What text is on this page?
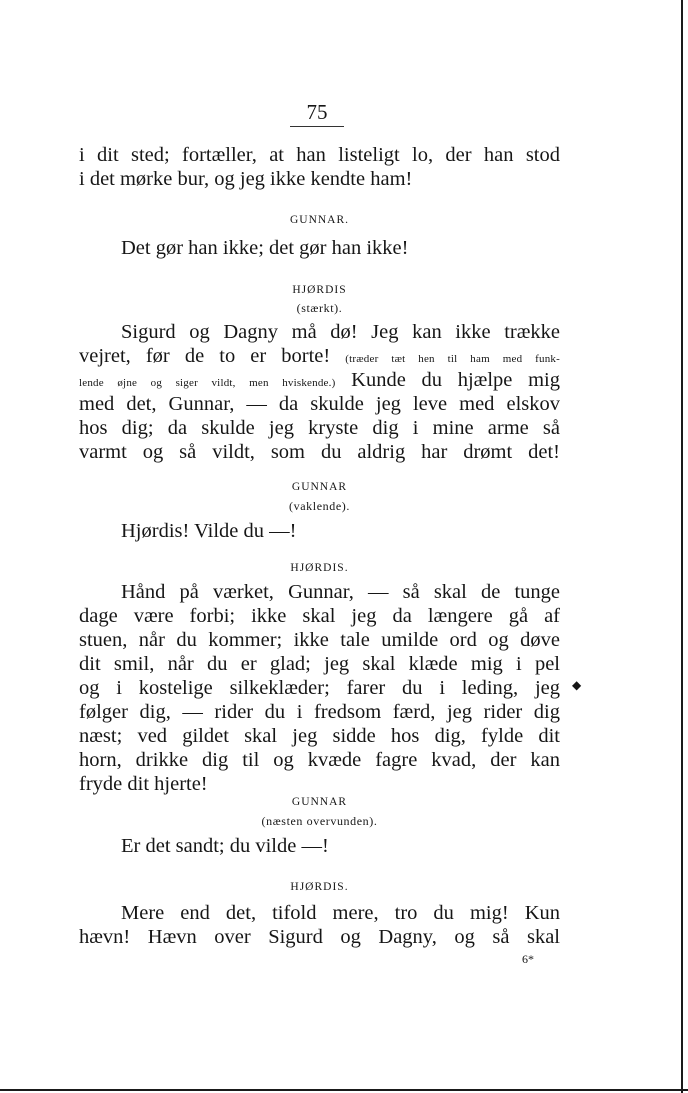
75
i dit sted; fortæller, at han listeligt lo, der han stod
i det mørke bur, og jeg ikke kendte ham!
GUNNAR.
Det gør han ikke; det gør han ikke!
HJØRDIS
(stærkt).
Sigurd og Dagny må dø! Jeg kan ikke trække
vejret, før de to er borte! (træder tæt hen til ham med funk-
lende øjne og siger vildt, men hviskende.) Kunde du hjælpe mig
med det, Gunnar, — da skulde jeg leve med elskov
hos dig; da skulde jeg kryste dig i mine arme så
varmt og så vildt, som du aldrig har drømt det!
GUNNAR
(vaklende).
Hjørdis! Vilde du —!
HJØRDIS.
Hånd på værket, Gunnar, — så skal de tunge
dage være forbi; ikke skal jeg da længere gå af
stuen, når du kommer; ikke tale umilde ord og døve
dit smil, når du er glad; jeg skal klæde mig i pel
og i kostelige silkeklæder; farer du i leding, jeg
følger dig, — rider du i fredsom færd, jeg rider dig
næst; ved gildet skal jeg sidde hos dig, fylde dit
horn, drikke dig til og kvæde fagre kvad, der kan
fryde dit hjerte!
GUNNAR
(næsten overvunden).
Er det sandt; du vilde —!
HJØRDIS.
Mere end det, tifold mere, tro du mig! Kun
hævn! Hævn over Sigurd og Dagny, og så skal
6*
◆
